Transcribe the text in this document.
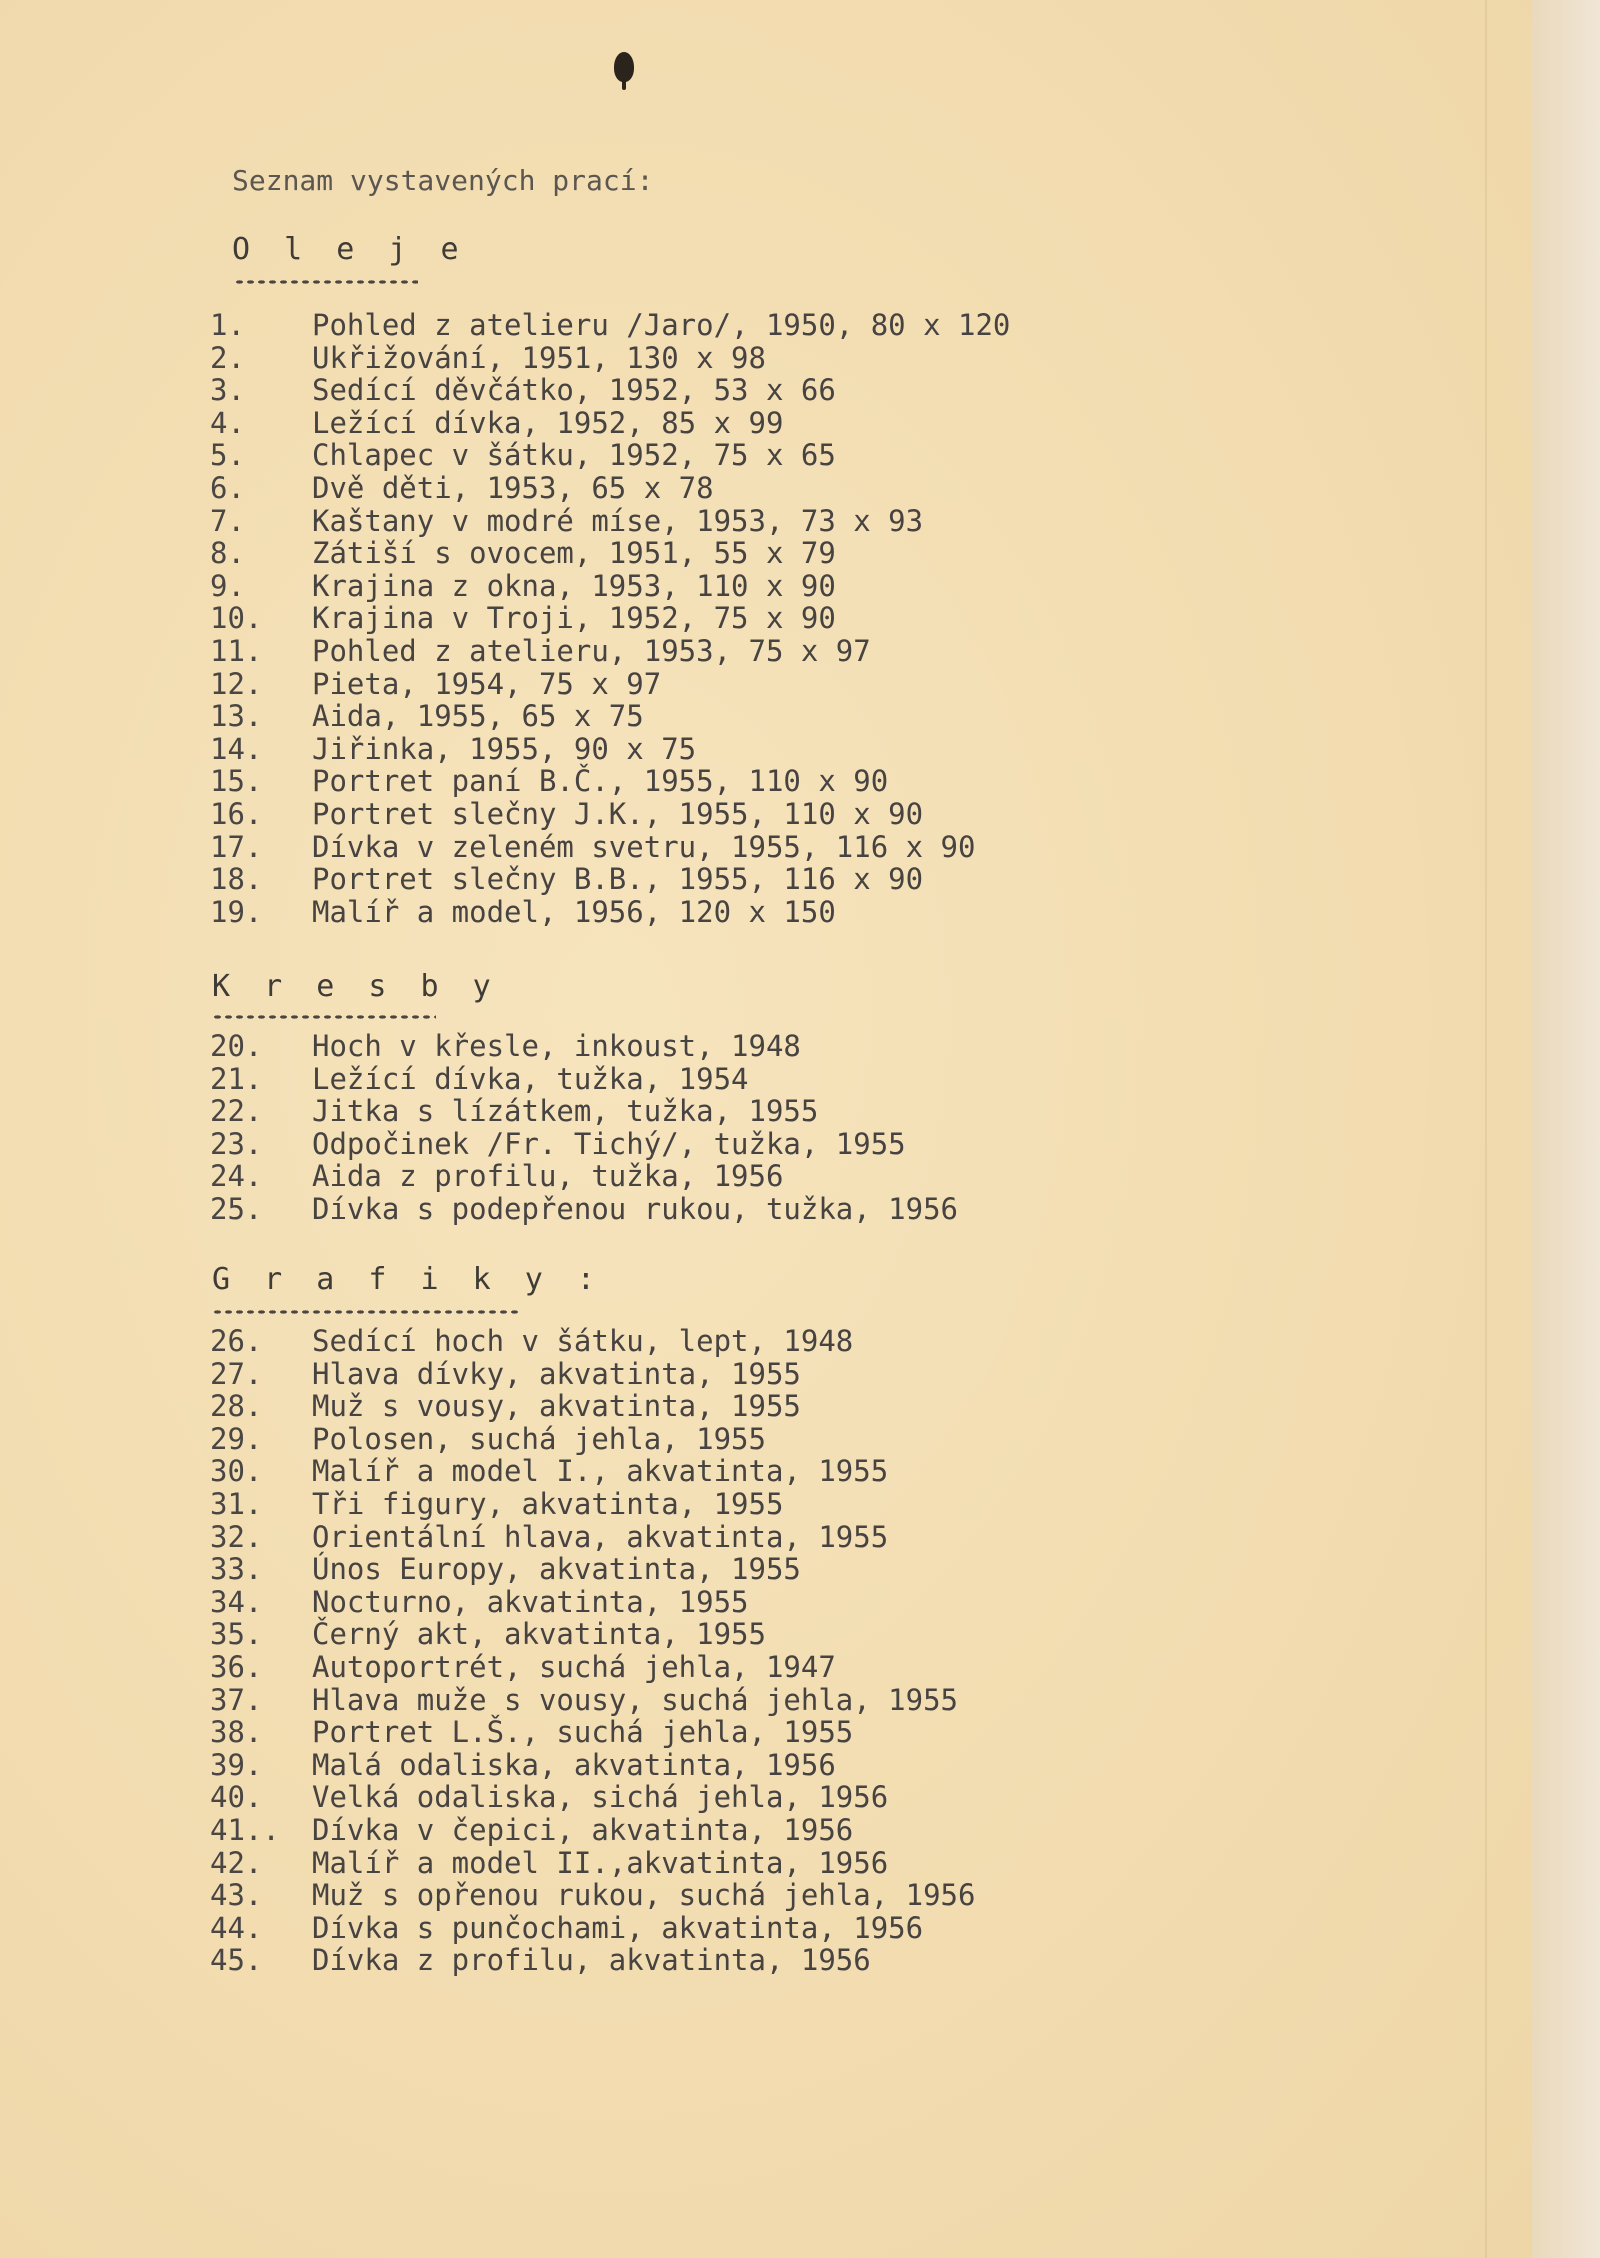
Seznam vystavených prací:
O l e j e
1.	Pohled z atelieru /Jaro/, 1950, 80 x 120
2.	Ukřižování, 1951, 130 x 98
3.	Sedící děvčátko, 1952, 53 x 66
4.	Ležící dívka, 1952, 85 x 99
5.	Chlapec v šátku, 1952, 75 x 65
6.	Dvě děti, 1953, 65 x 78
7.	Kaštany v modré míse, 1953, 73 x 93
8.	Zátiší s ovocem, 1951, 55 x 79
9.	Krajina z okna, 1953, 110 x 90
10.	Krajina v Troji, 1952, 75 x 90
11.	Pohled z atelieru, 1953, 75 x 97
12.	Pieta, 1954, 75 x 97
13.	Aida, 1955, 65 x 75
14.	Jiřinka, 1955, 90 x 75
15.	Portret paní B.Č., 1955, 110 x 90
16.	Portret slečny J.K., 1955, 110 x 90
17.	Dívka v zeleném svetru, 1955, 116 x 90
18.	Portret slečny B.B., 1955, 116 x 90
19.	Malíř a model, 1956, 120 x 150
K r e s b y
20.	Hoch v křesle, inkoust, 1948
21.	Ležící dívka, tužka, 1954
22.	Jitka s lízátkem, tužka, 1955
23.	Odpočinek /Fr. Tichý/, tužka, 1955
24.	Aida z profilu, tužka, 1956
25.	Dívka s podepřenou rukou, tužka, 1956
G r a f i k y :
26.	Sedící hoch v šátku, lept, 1948
27.	Hlava dívky, akvatinta, 1955
28.	Muž s vousy, akvatinta, 1955
29.	Polosen, suchá jehla, 1955
30.	Malíř a model I., akvatinta, 1955
31.	Tři figury, akvatinta, 1955
32.	Orientální hlava, akvatinta, 1955
33.	Únos Europy, akvatinta, 1955
34.	Nocturno, akvatinta, 1955
35.	Černý akt, akvatinta, 1955
36.	Autoportrét, suchá jehla, 1947
37.	Hlava muže s vousy, suchá jehla, 1955
38.	Portret L.Š., suchá jehla, 1955
39.	Malá odaliska, akvatinta, 1956
40.	Velká odaliska, sichá jehla, 1956
41..	Dívka v čepici, akvatinta, 1956
42.	Malíř a model II.,akvatinta, 1956
43.	Muž s opřenou rukou, suchá jehla, 1956
44.	Dívka s punčochami, akvatinta, 1956
45.	Dívka z profilu, akvatinta, 1956
